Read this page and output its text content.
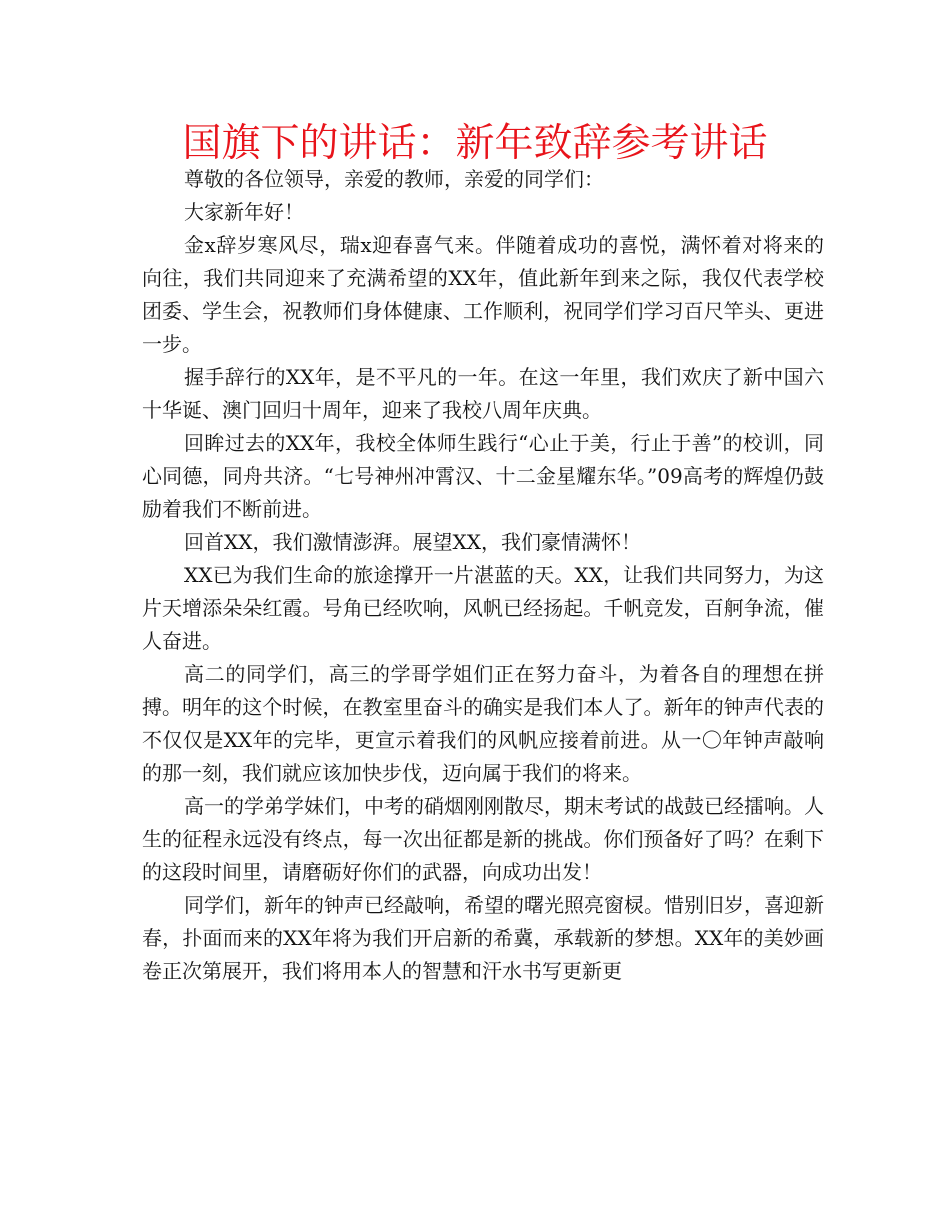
国旗下的讲话：新年致辞参考讲话

尊敬的各位领导，亲爱的教师，亲爱的同学们：

大家新年好！

金x辞岁寒风尽，瑞x迎春喜气来。伴随着成功的喜悦，满怀着对将来的向往，我们共同迎来了充满希望的XX年，值此新年到来之际，我仅代表学校团委、学生会，祝教师们身体健康、工作顺利，祝同学们学习百尺竿头、更进一步。

握手辞行的XX年，是不平凡的一年。在这一年里，我们欢庆了新中国六十华诞、澳门回归十周年，迎来了我校八周年庆典。

回眸过去的XX年，我校全体师生践行“心止于美，行止于善”的校训，同心同德，同舟共济。“七号神州冲霄汉、十二金星耀东华。”09高考的辉煌仍鼓励着我们不断前进。

回首XX，我们激情澎湃。展望XX，我们豪情满怀！

XX已为我们生命的旅途撑开一片湛蓝的天。XX，让我们共同努力，为这片天增添朵朵红霞。号角已经吹响，风帆已经扬起。千帆竞发，百舸争流，催人奋进。

高二的同学们，高三的学哥学姐们正在努力奋斗，为着各自的理想在拼搏。明年的这个时候，在教室里奋斗的确实是我们本人了。新年的钟声代表的不仅仅是XX年的完毕，更宣示着我们的风帆应接着前进。从一〇年钟声敲响的那一刻，我们就应该加快步伐，迈向属于我们的将来。

高一的学弟学妹们，中考的硝烟刚刚散尽，期末考试的战鼓已经擂响。人生的征程永远没有终点，每一次出征都是新的挑战。你们预备好了吗？在剩下的这段时间里，请磨砺好你们的武器，向成功出发！

同学们，新年的钟声已经敲响，希望的曙光照亮窗棂。惜别旧岁，喜迎新春，扑面而来的XX年将为我们开启新的希冀，承载新的梦想。XX年的美妙画卷正次第展开，我们将用本人的智慧和汗水书写更新更
